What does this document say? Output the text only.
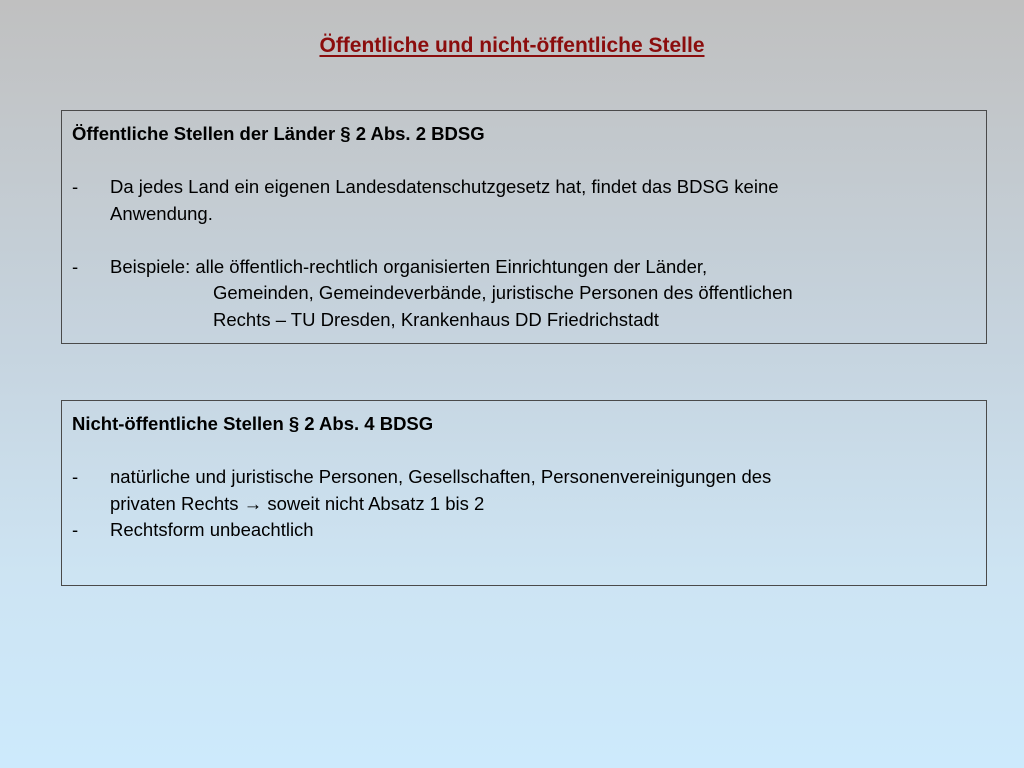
Öffentliche und nicht-öffentliche Stelle

Öffentliche Stellen der Länder § 2 Abs. 2 BDSG

-	Da jedes Land ein eigenen Landesdatenschutzgesetz hat, findet das BDSG keine
Anwendung.
-	Beispiele: alle öffentlich-rechtlich organisierten Einrichtungen der Länder,
Gemeinden, Gemeindeverbände, juristische Personen des öffentlichen
Rechts – TU Dresden, Krankenhaus DD Friedrichstadt

Nicht-öffentliche Stellen § 2 Abs. 4 BDSG

-	natürliche und juristische Personen, Gesellschaften, Personenvereinigungen des
privaten Rechts → soweit nicht Absatz 1 bis 2
-	Rechtsform unbeachtlich
